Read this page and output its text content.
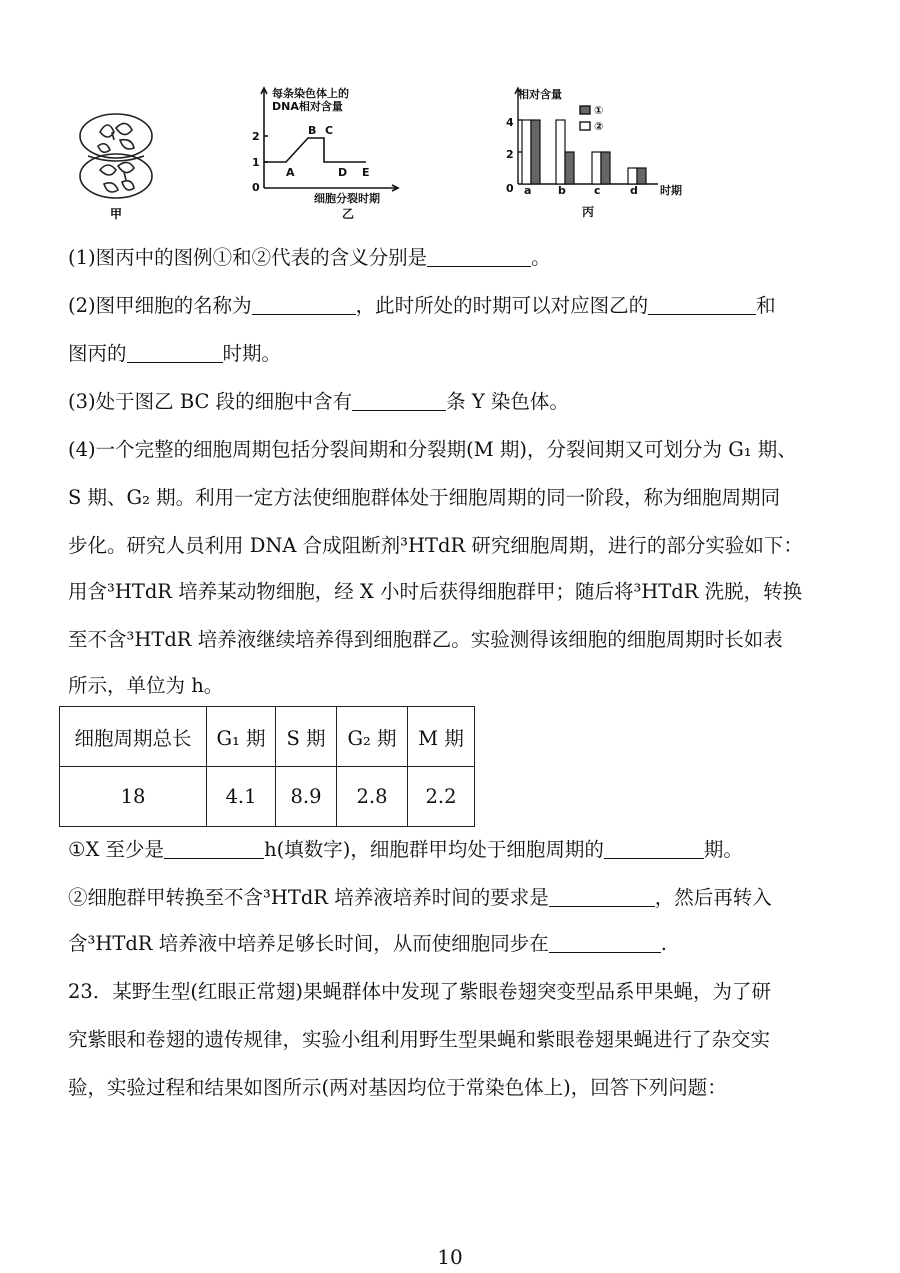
甲
每条染色体上的
DNA相对含量
2
1
0
A
B C
D E
细胞分裂时期
乙
相对含量
4
2
0 a b	c	d 时期
①
②
丙
(1)图丙中的图例①和②代表的含义分别是	。
(2)图甲细胞的名称为	，此时所处的时期可以对应图乙的	和
图丙的	时期。
(3)处于图乙 BC 段的细胞中含有	条 Y 染色体。
(4)一个完整的细胞周期包括分裂间期和分裂期(M 期)，分裂间期又可划分为 G₁ 期、
S 期、G₂ 期。利用一定方法使细胞群体处于细胞周期的同一阶段，称为细胞周期同
步化。研究人员利用 DNA 合成阻断剂³HTdR 研究细胞周期，进行的部分实验如下：
用含³HTdR 培养某动物细胞，经 X 小时后获得细胞群甲；随后将³HTdR 洗脱，转换
至不含³HTdR 培养液继续培养得到细胞群乙。实验测得该细胞的细胞周期时长如表
所示，单位为 h。
细胞周期总长	G₁ 期	S 期	G₂ 期	M 期
18	4.1	8.9	2.8	2.2
①X 至少是	h(填数字)，细胞群甲均处于细胞周期的	期。
②细胞群甲转换至不含³HTdR 培养液培养时间的要求是	，然后再转入
含³HTdR 培养液中培养足够长时间，从而使细胞同步在	.
23．某野生型(红眼正常翅)果蝇群体中发现了紫眼卷翅突变型品系甲果蝇，为了研
究紫眼和卷翅的遗传规律，实验小组利用野生型果蝇和紫眼卷翅果蝇进行了杂交实
验，实验过程和结果如图所示(两对基因均位于常染色体上)，回答下列问题：
10
